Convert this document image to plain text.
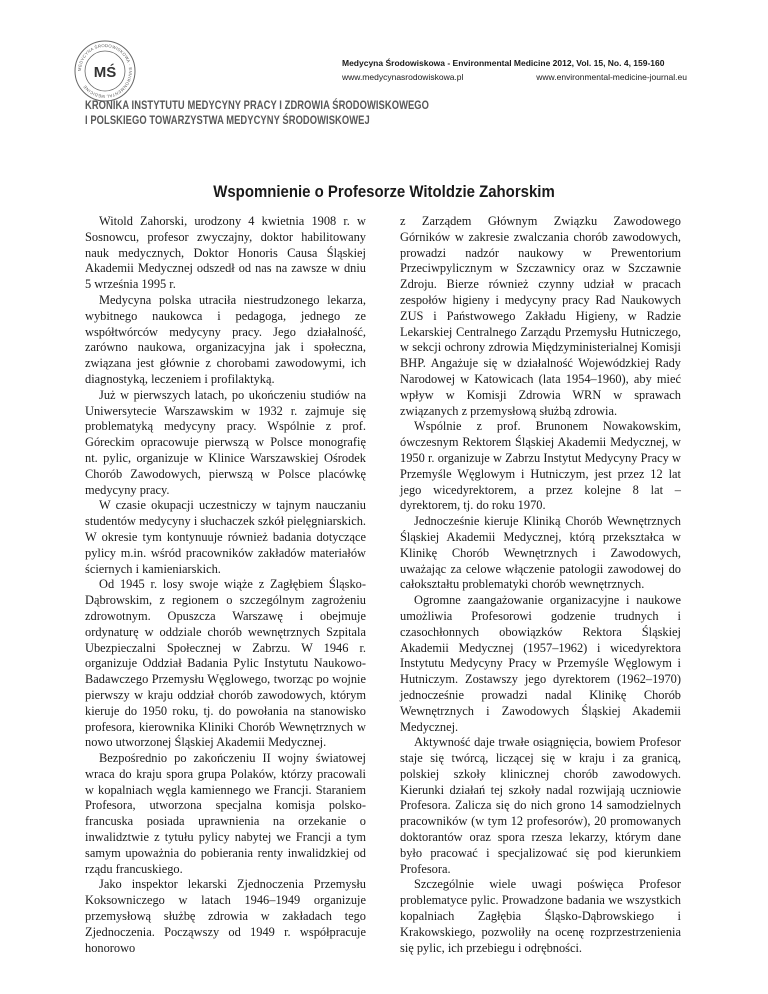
MEDYCYNA ŚRODOWISKOWA · ENVIRONMENTAL MEDICINE
MŚ
Medycyna Środowiskowa - Environmental Medicine 2012, Vol. 15, No. 4, 159-160
www.medycynasrodowiskowa.pl	www.environmental-medicine-journal.eu
KRONIKA INSTYTUTU MEDYCYNY PRACY I ZDROWIA ŚRODOWISKOWEGO
I POLSKIEGO TOWARZYSTWA MEDYCYNY ŚRODOWISKOWEJ
Wspomnienie o Profesorze Witoldzie Zahorskim

Witold Zahorski, urodzony 4 kwietnia 1908 r. w Sosnowcu, profesor zwyczajny, doktor habilitowany nauk medycznych, Doktor Honoris Causa Śląskiej Akademii Medycznej odszedł od nas na zawsze w dniu 5 września 1995 r.

Medycyna polska utraciła niestrudzonego lekarza, wybitnego naukowca i pedagoga, jednego ze współtwórców medycyny pracy. Jego działalność, zarówno naukowa, organizacyjna jak i społeczna, związana jest głównie z chorobami zawodowymi, ich diagnostyką, leczeniem i profilaktyką.

Już w pierwszych latach, po ukończeniu studiów na Uniwersytecie Warszawskim w 1932 r. zajmuje się problematyką medycyny pracy. Wspólnie z prof. Góreckim opracowuje pierwszą w Polsce monografię nt. pylic, organizuje w Klinice Warszawskiej Ośrodek Chorób Zawodowych, pierwszą w Polsce placówkę medycyny pracy.

W czasie okupacji uczestniczy w tajnym nauczaniu studentów medycyny i słuchaczek szkół pielęgniarskich. W okresie tym kontynuuje również badania dotyczące pylicy m.in. wśród pracowników zakładów materiałów ściernych i kamieniarskich.

Od 1945 r. losy swoje wiąże z Zagłębiem Śląsko-Dąbrowskim, z regionem o szczególnym zagrożeniu zdrowotnym. Opuszcza Warszawę i obejmuje ordynaturę w oddziale chorób wewnętrznych Szpitala Ubezpieczalni Społecznej w Zabrzu. W 1946 r. organizuje Oddział Badania Pylic Instytutu Naukowo-Badawczego Przemysłu Węglowego, tworząc po wojnie pierwszy w kraju oddział chorób zawodowych, którym kieruje do 1950 roku, tj. do powołania na stanowisko profesora, kierownika Kliniki Chorób Wewnętrznych w nowo utworzonej Śląskiej Akademii Medycznej.

Bezpośrednio po zakończeniu II wojny światowej wraca do kraju spora grupa Polaków, którzy pracowali w kopalniach węgla kamiennego we Francji. Staraniem Profesora, utworzona specjalna komisja polsko-francuska posiada uprawnienia na orzekanie o inwalidztwie z tytułu pylicy nabytej we Francji a tym samym upoważnia do pobierania renty inwalidzkiej od rządu francuskiego.

Jako inspektor lekarski Zjednoczenia Przemysłu Koksowniczego w latach 1946–1949 organizuje przemysłową służbę zdrowia w zakładach tego Zjednoczenia. Począwszy od 1949 r. współpracuje honorowo

z Zarządem Głównym Związku Zawodowego Górników w zakresie zwalczania chorób zawodowych, prowadzi nadzór naukowy w Prewentorium Przeciwpylicznym w Szczawnicy oraz w Szczawnie Zdroju. Bierze również czynny udział w pracach zespołów higieny i medycyny pracy Rad Naukowych ZUS i Państwowego Zakładu Higieny, w Radzie Lekarskiej Centralnego Zarządu Przemysłu Hutniczego, w sekcji ochrony zdrowia Międzyministerialnej Komisji BHP. Angażuje się w działalność Wojewódzkiej Rady Narodowej w Katowicach (lata 1954–1960), aby mieć wpływ w Komisji Zdrowia WRN w sprawach związanych z przemysłową służbą zdrowia.

Wspólnie z prof. Brunonem Nowakowskim, ówczesnym Rektorem Śląskiej Akademii Medycznej, w 1950 r. organizuje w Zabrzu Instytut Medycyny Pracy w Przemyśle Węglowym i Hutniczym, jest przez 12 lat jego wicedyrektorem, a przez kolejne 8 lat – dyrektorem, tj. do roku 1970.

Jednocześnie kieruje Kliniką Chorób Wewnętrznych Śląskiej Akademii Medycznej, którą przekształca w Klinikę Chorób Wewnętrznych i Zawodowych, uważając za celowe włączenie patologii zawodowej do całokształtu problematyki chorób wewnętrznych.

Ogromne zaangażowanie organizacyjne i naukowe umożliwia Profesorowi godzenie trudnych i czasochłonnych obowiązków Rektora Śląskiej Akademii Medycznej (1957–1962) i wicedyrektora Instytutu Medycyny Pracy w Przemyśle Węglowym i Hutniczym. Zostawszy jego dyrektorem (1962–1970) jednocześnie prowadzi nadal Klinikę Chorób Wewnętrznych i Zawodowych Śląskiej Akademii Medycznej.

Aktywność daje trwałe osiągnięcia, bowiem Profesor staje się twórcą, liczącej się w kraju i za granicą, polskiej szkoły klinicznej chorób zawodowych. Kierunki działań tej szkoły nadal rozwijają uczniowie Profesora. Zalicza się do nich grono 14 samodzielnych pracowników (w tym 12 profesorów), 20 promowanych doktorantów oraz spora rzesza lekarzy, którym dane było pracować i specjalizować się pod kierunkiem Profesora.

Szczególnie wiele uwagi poświęca Profesor problematyce pylic. Prowadzone badania we wszystkich kopalniach Zagłębia Śląsko-Dąbrowskiego i Krakowskiego, pozwoliły na ocenę rozprzestrzenienia się pylic, ich przebiegu i odrębności.
